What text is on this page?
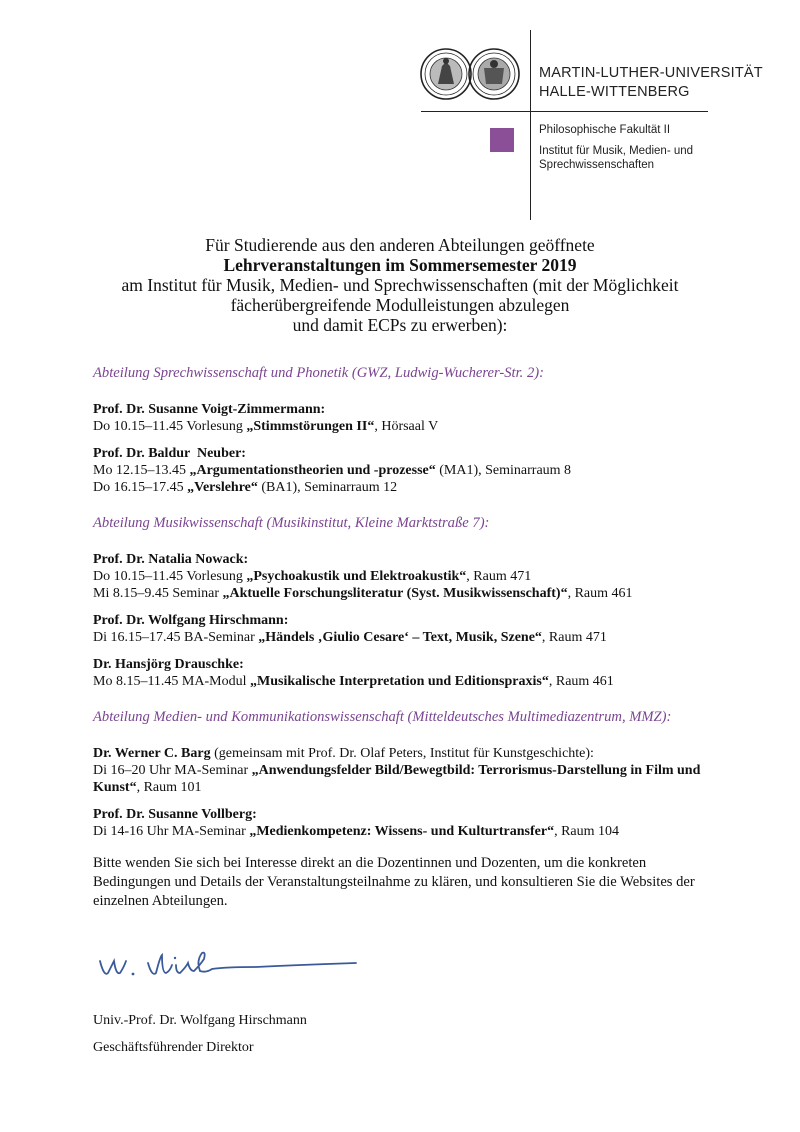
MARTIN-LUTHER-UNIVERSITÄT
HALLE-WITTENBERG
Philosophische Fakultät II
Institut für Musik, Medien- und
Sprechwissenschaften
Für Studierende aus den anderen Abteilungen geöffnete
Lehrveranstaltungen im Sommersemester 2019
am Institut für Musik, Medien- und Sprechwissenschaften (mit der Möglichkeit
fächerübergreifende Modulleistungen abzulegen
und damit ECPs zu erwerben):
Abteilung Sprechwissenschaft und Phonetik (GWZ, Ludwig-Wucherer-Str. 2):
Prof. Dr. Susanne Voigt-Zimmermann:
Do 10.15–11.45 Vorlesung „Stimmstörungen II“, Hörsaal V
Prof. Dr. Baldur  Neuber:
Mo 12.15–13.45 „Argumentationstheorien und -prozesse“ (MA1), Seminarraum 8
Do 16.15–17.45 „Verslehre“ (BA1), Seminarraum 12
Abteilung Musikwissenschaft (Musikinstitut, Kleine Marktstraße 7):
Prof. Dr. Natalia Nowack:
Do 10.15–11.45 Vorlesung „Psychoakustik und Elektroakustik“, Raum 471
Mi 8.15–9.45 Seminar „Aktuelle Forschungsliteratur (Syst. Musikwissenschaft)“, Raum 461
Prof. Dr. Wolfgang Hirschmann:
Di 16.15–17.45 BA-Seminar „Händels ‚Giulio Cesare‘ – Text, Musik, Szene“, Raum 471
Dr. Hansjörg Drauschke:
Mo 8.15–11.45 MA-Modul „Musikalische Interpretation und Editionspraxis“, Raum 461
Abteilung Medien- und Kommunikationswissenschaft (Mitteldeutsches Multimediazentrum, MMZ):
Dr. Werner C. Barg (gemeinsam mit Prof. Dr. Olaf Peters, Institut für Kunstgeschichte):
Di 16–20 Uhr MA-Seminar „Anwendungsfelder Bild/Bewegtbild: Terrorismus-Darstellung in Film und Kunst“, Raum 101
Prof. Dr. Susanne Vollberg:
Di 14-16 Uhr MA-Seminar „Medienkompetenz: Wissens- und Kulturtransfer“, Raum 104
Bitte wenden Sie sich bei Interesse direkt an die Dozentinnen und Dozenten, um die konkreten Bedingungen und Details der Veranstaltungsteilnahme zu klären, und konsultieren Sie die Websites der einzelnen Abteilungen.
Univ.-Prof. Dr. Wolfgang Hirschmann
Geschäftsführender Direktor
